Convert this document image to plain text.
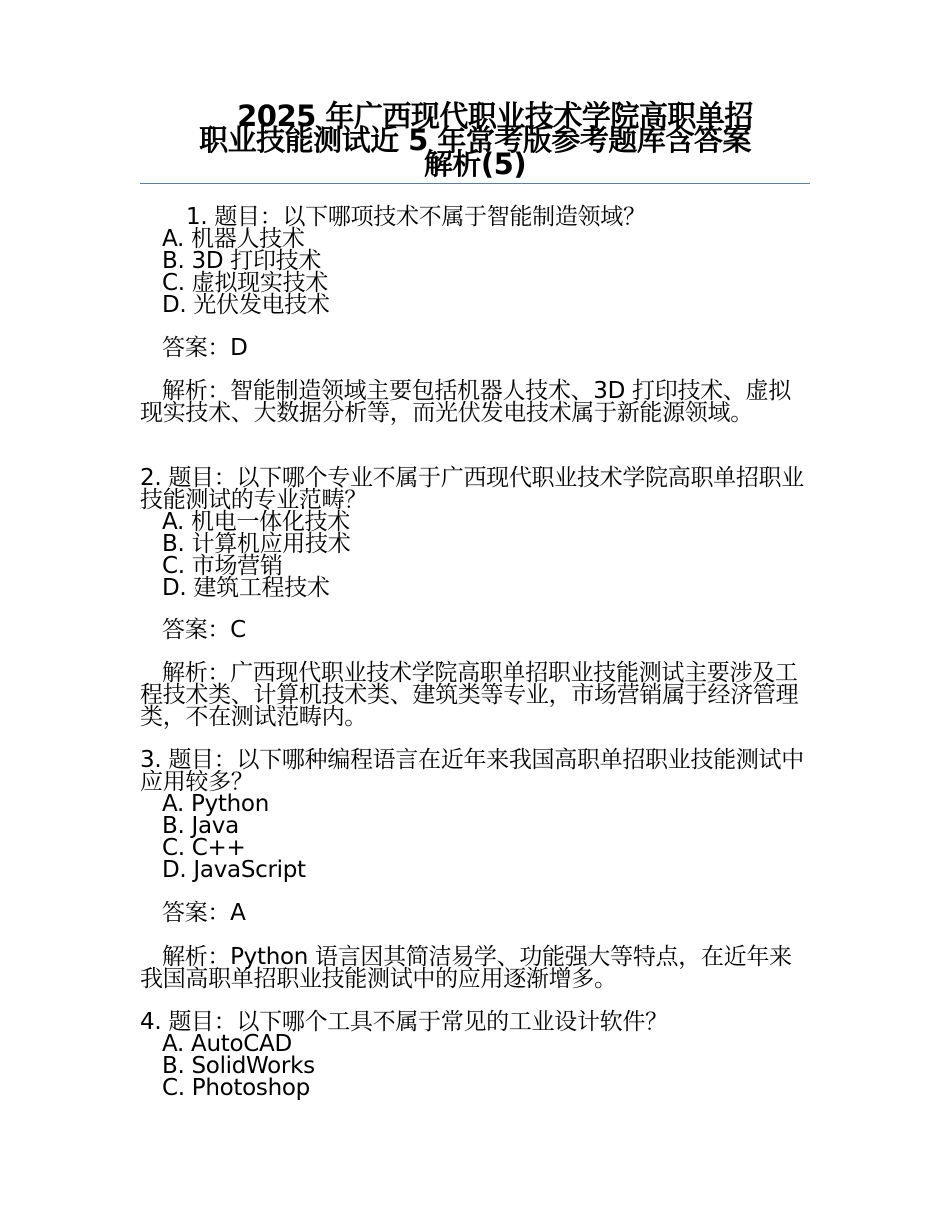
2025 年广西现代职业技术学院高职单招
职业技能测试近 5 年常考版参考题库含答案
解析(5)
1. 题目：以下哪项技术不属于智能制造领域？
A. 机器人技术
B. 3D 打印技术
C. 虚拟现实技术
D. 光伏发电技术
答案：D
解析：智能制造领域主要包括机器人技术、3D 打印技术、虚拟现实技术、大数据分析等，而光伏发电技术属于新能源领域。
2. 题目：以下哪个专业不属于广西现代职业技术学院高职单招职业技能测试的专业范畴？
A. 机电一体化技术
B. 计算机应用技术
C. 市场营销
D. 建筑工程技术
答案：C
解析：广西现代职业技术学院高职单招职业技能测试主要涉及工程技术类、计算机技术类、建筑类等专业，市场营销属于经济管理类，不在测试范畴内。
3. 题目：以下哪种编程语言在近年来我国高职单招职业技能测试中应用较多？
A. Python
B. Java
C. C++
D. JavaScript
答案：A
解析：Python 语言因其简洁易学、功能强大等特点，在近年来我国高职单招职业技能测试中的应用逐渐增多。
4. 题目：以下哪个工具不属于常见的工业设计软件？
A. AutoCAD
B. SolidWorks
C. Photoshop
